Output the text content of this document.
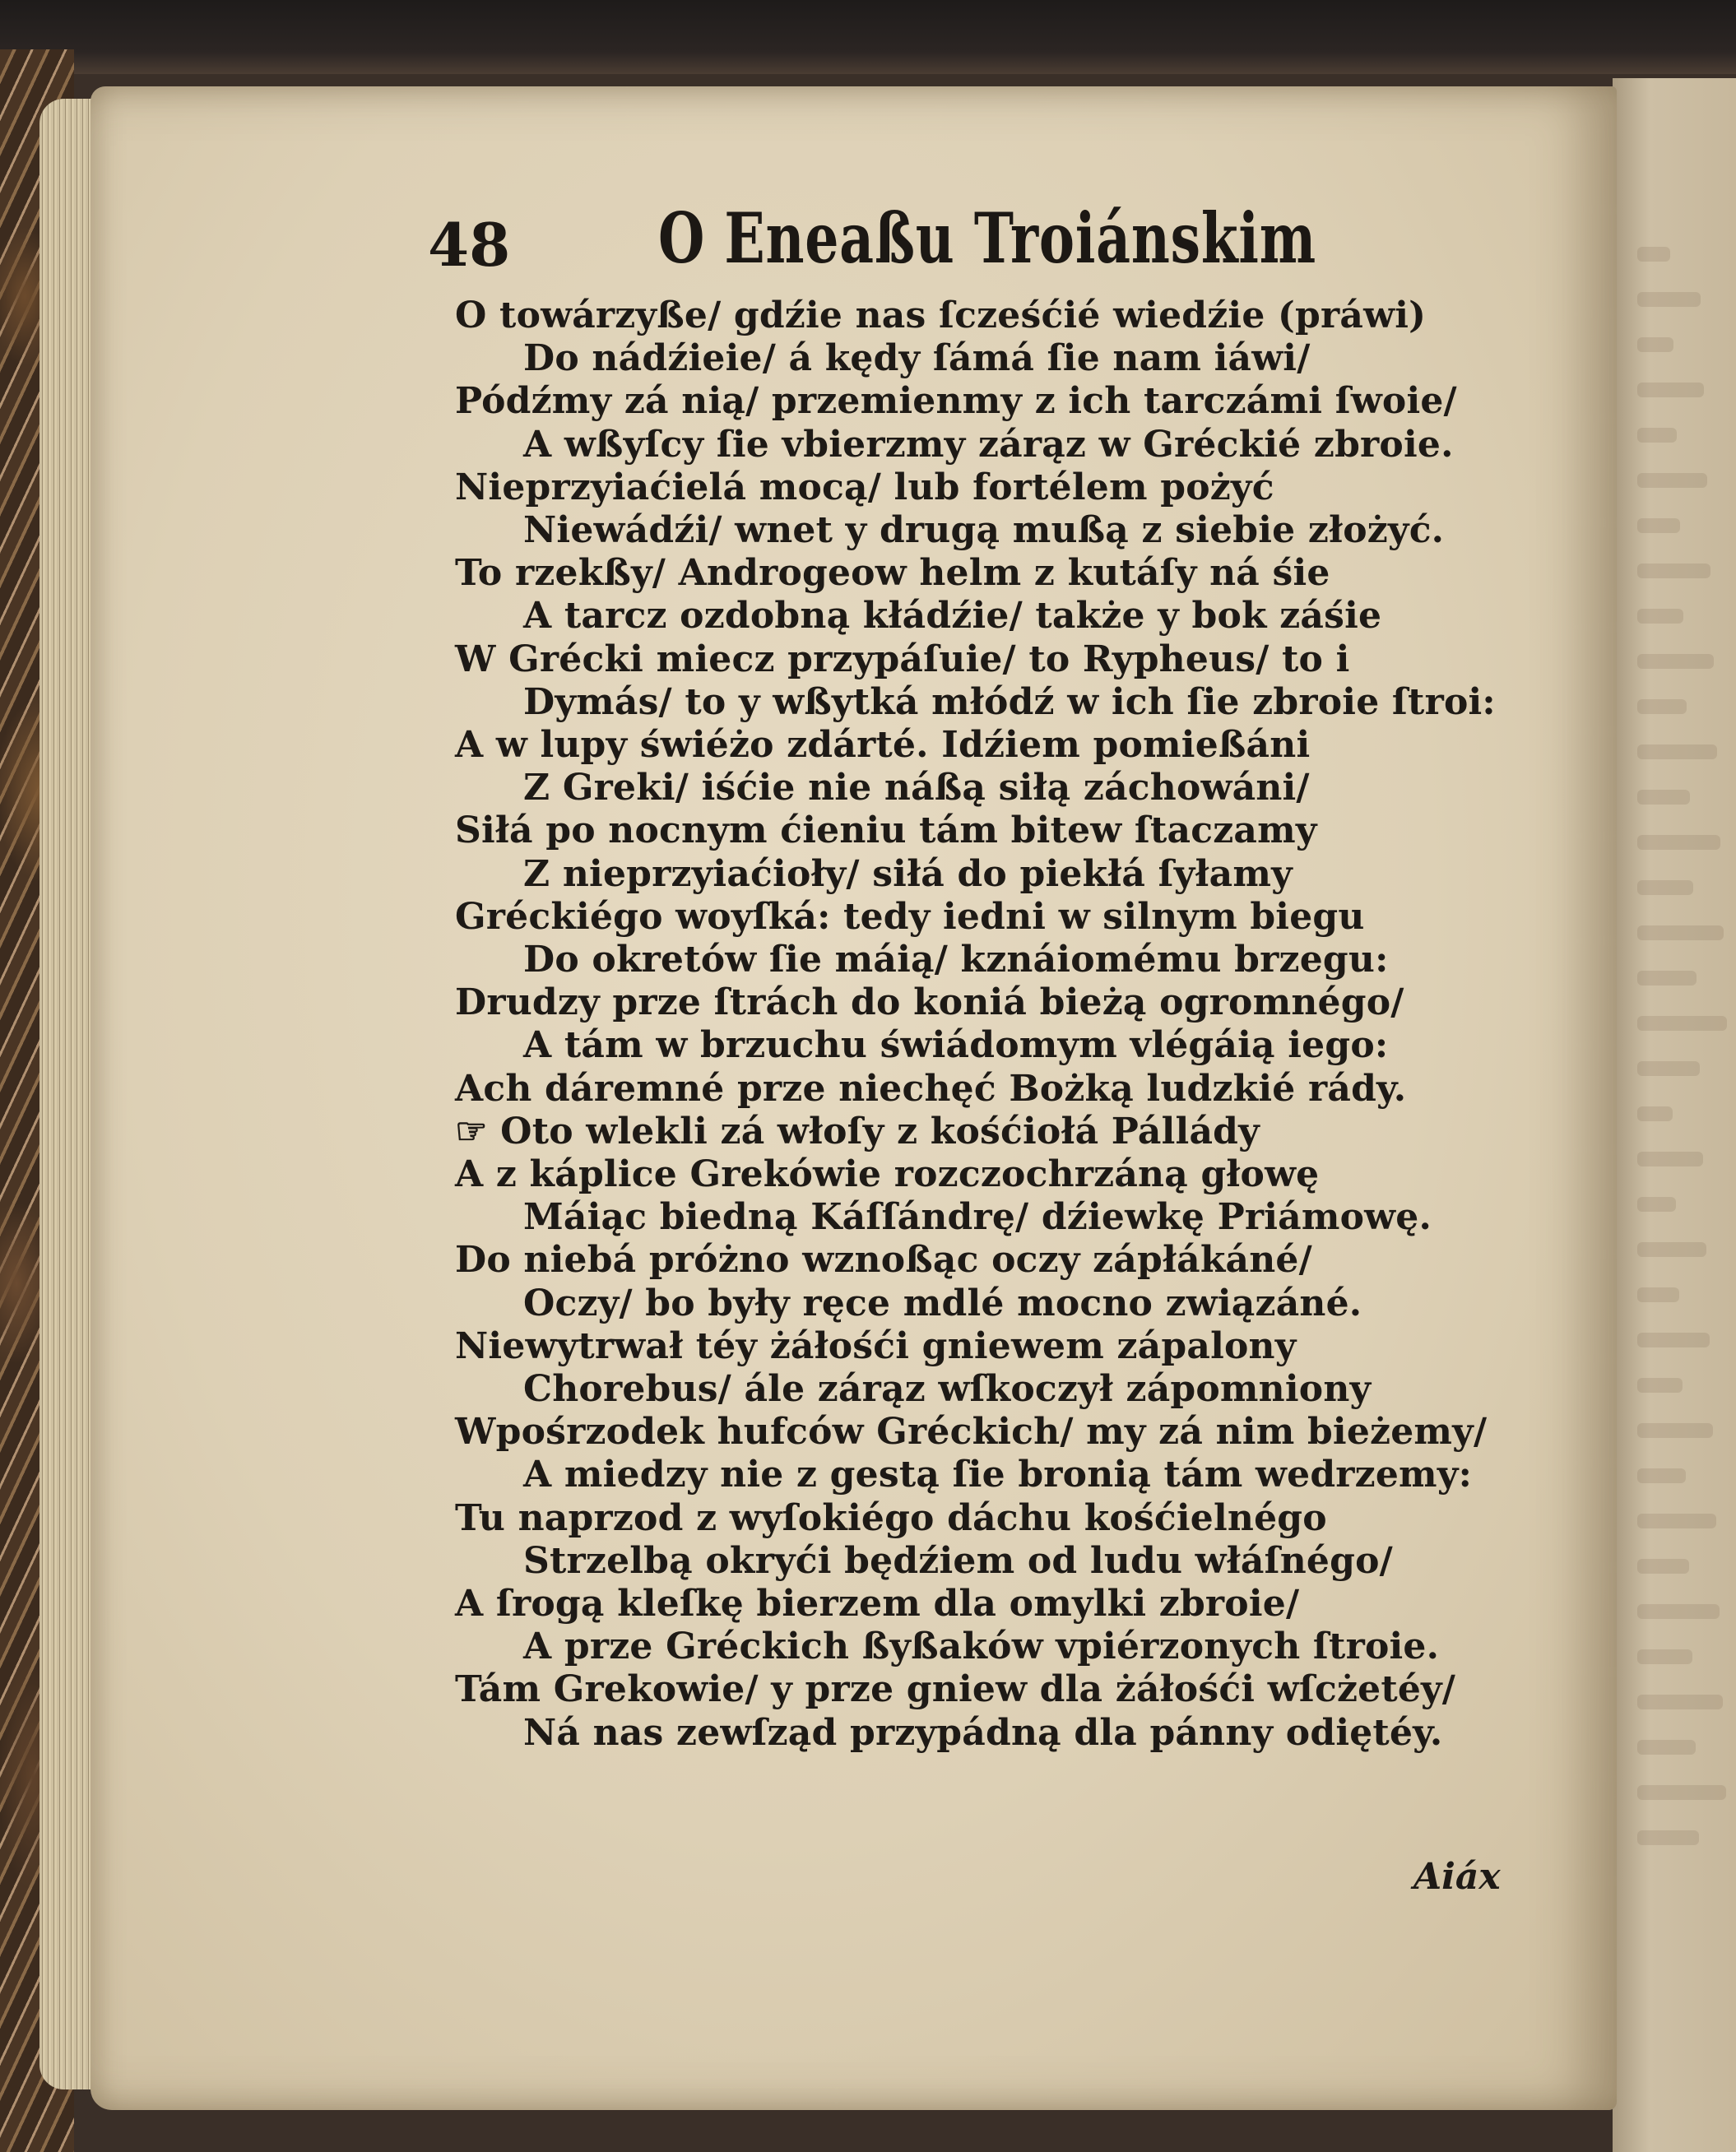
48 O Eneaßu Troiánskim
O towárzyße/ gdźie nas ſcześćié wiedźie (práwi)
Do nádźieie/ á kędy ſámá ſie nam iáwi/
Pódźmy zá nią/ przemienmy z ich tarczámi ſwoie/
A wßyſcy ſie vbierzmy zárąz w Gréckié zbroie.
Nieprzyiaćielá mocą/ lub fortélem pożyć
Niewádźi/ wnet y drugą mußą z siebie złożyć.
To rzekßy/ Androgeow helm z kutáſy ná śie
A tarcz ozdobną kłádźie/ także y bok záśie
W Grécki miecz przypáſuie/ to Rypheus/ to i
Dymás/ to y wßytká młódź w ich ſie zbroie ſtroi:
A w lupy świéżo zdárté. Idźiem pomießáni
Z Greki/ iśćie nie náßą siłą záchowáni/
Siłá po nocnym ćieniu tám bitew ſtaczamy
Z nieprzyiaćioły/ siłá do piekłá ſyłamy
Gréckiégo woyſká: tedy iedni w silnym biegu
Do okretów ſie máią/ kznáiomému brzegu:
Drudzy prze ſtrách do koniá bieżą ogromnégo/
A tám w brzuchu świádomym vlégáią iego:
Ach dáremné prze niechęć Bożką ludzkié rády.
☞ Oto wlekli zá włoſy z kośćiołá Pállády
A z káplice Grekówie rozczochrzáną głowę
Máiąc biedną Káſſándrę/ dźiewkę Priámowę.
Do niebá próżno wznoßąc oczy zápłákáné/
Oczy/ bo były ręce mdlé mocno związáné.
Niewytrwał téy żáłośći gniewem zápalony
Chorebus/ ále zárąz wſkoczył zápomniony
Wpośrzodek hufców Gréckich/ my zá nim bieżemy/
A miedzy nie z gestą ſie bronią tám wedrzemy:
Tu naprzod z wyſokiégo dáchu kośćielnégo
Strzelbą okryći będźiem od ludu włáſnégo/
A ſrogą kleſkę bierzem dla omylki zbroie/
A prze Gréckich ßyßaków vpiérzonych ſtroie.
Tám Grekowie/ y prze gniew dla żáłośći wſcżetéy/
Ná nas zewſząd przypádną dla pánny odiętéy.
Aiáx
